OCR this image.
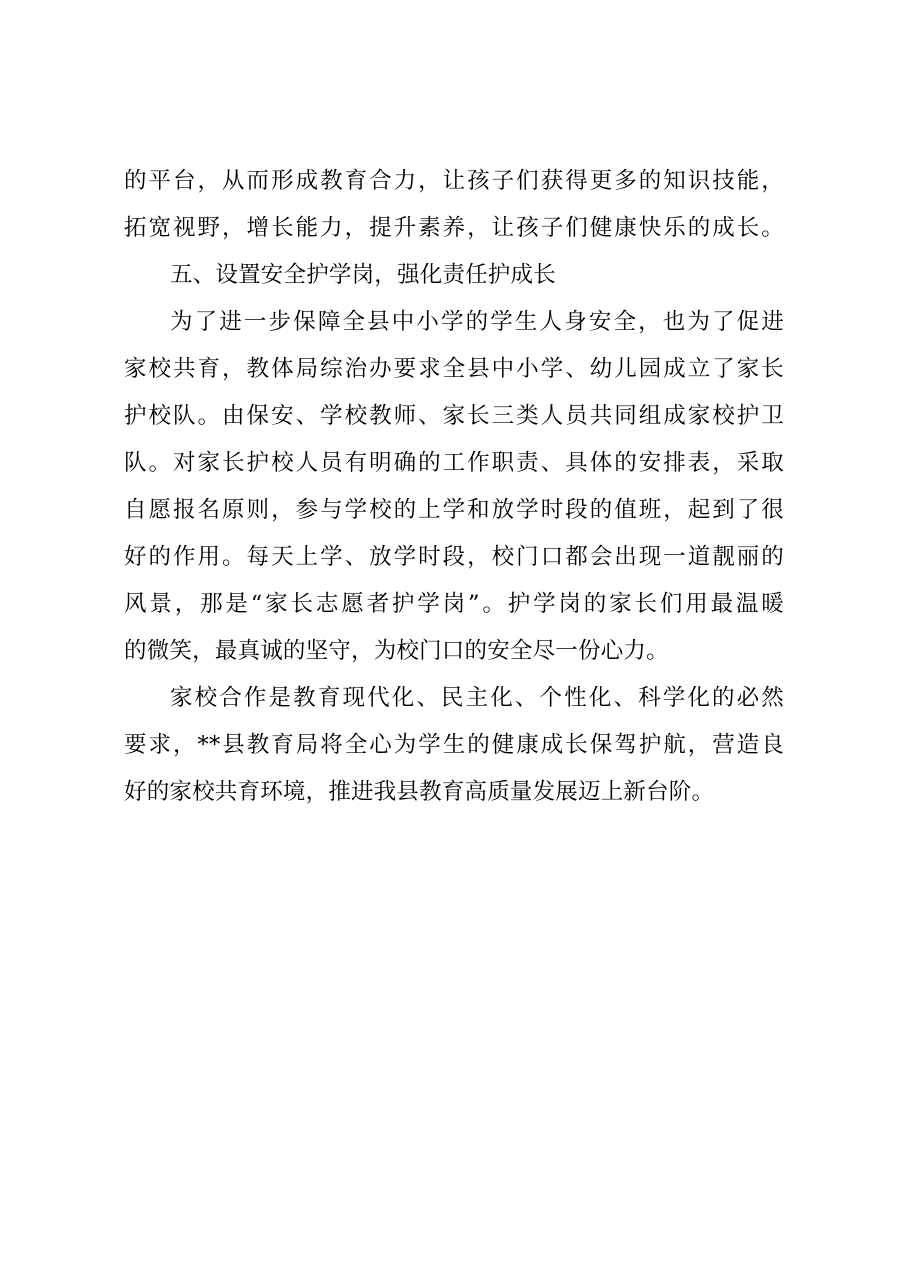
的平台，从而形成教育合力，让孩子们获得更多的知识技能，
拓宽视野，增长能力，提升素养，让孩子们健康快乐的成长。
五、设置安全护学岗，强化责任护成长
为了进一步保障全县中小学的学生人身安全，也为了促进
家校共育，教体局综治办要求全县中小学、幼儿园成立了家长
护校队。由保安、学校教师、家长三类人员共同组成家校护卫
队。对家长护校人员有明确的工作职责、具体的安排表，采取
自愿报名原则，参与学校的上学和放学时段的值班，起到了很
好的作用。每天上学、放学时段，校门口都会出现一道靓丽的
风景，那是“家长志愿者护学岗”。护学岗的家长们用最温暖
的微笑，最真诚的坚守，为校门口的安全尽一份心力。
家校合作是教育现代化、民主化、个性化、科学化的必然
要求，**县教育局将全心为学生的健康成长保驾护航，营造良
好的家校共育环境，推进我县教育高质量发展迈上新台阶。
